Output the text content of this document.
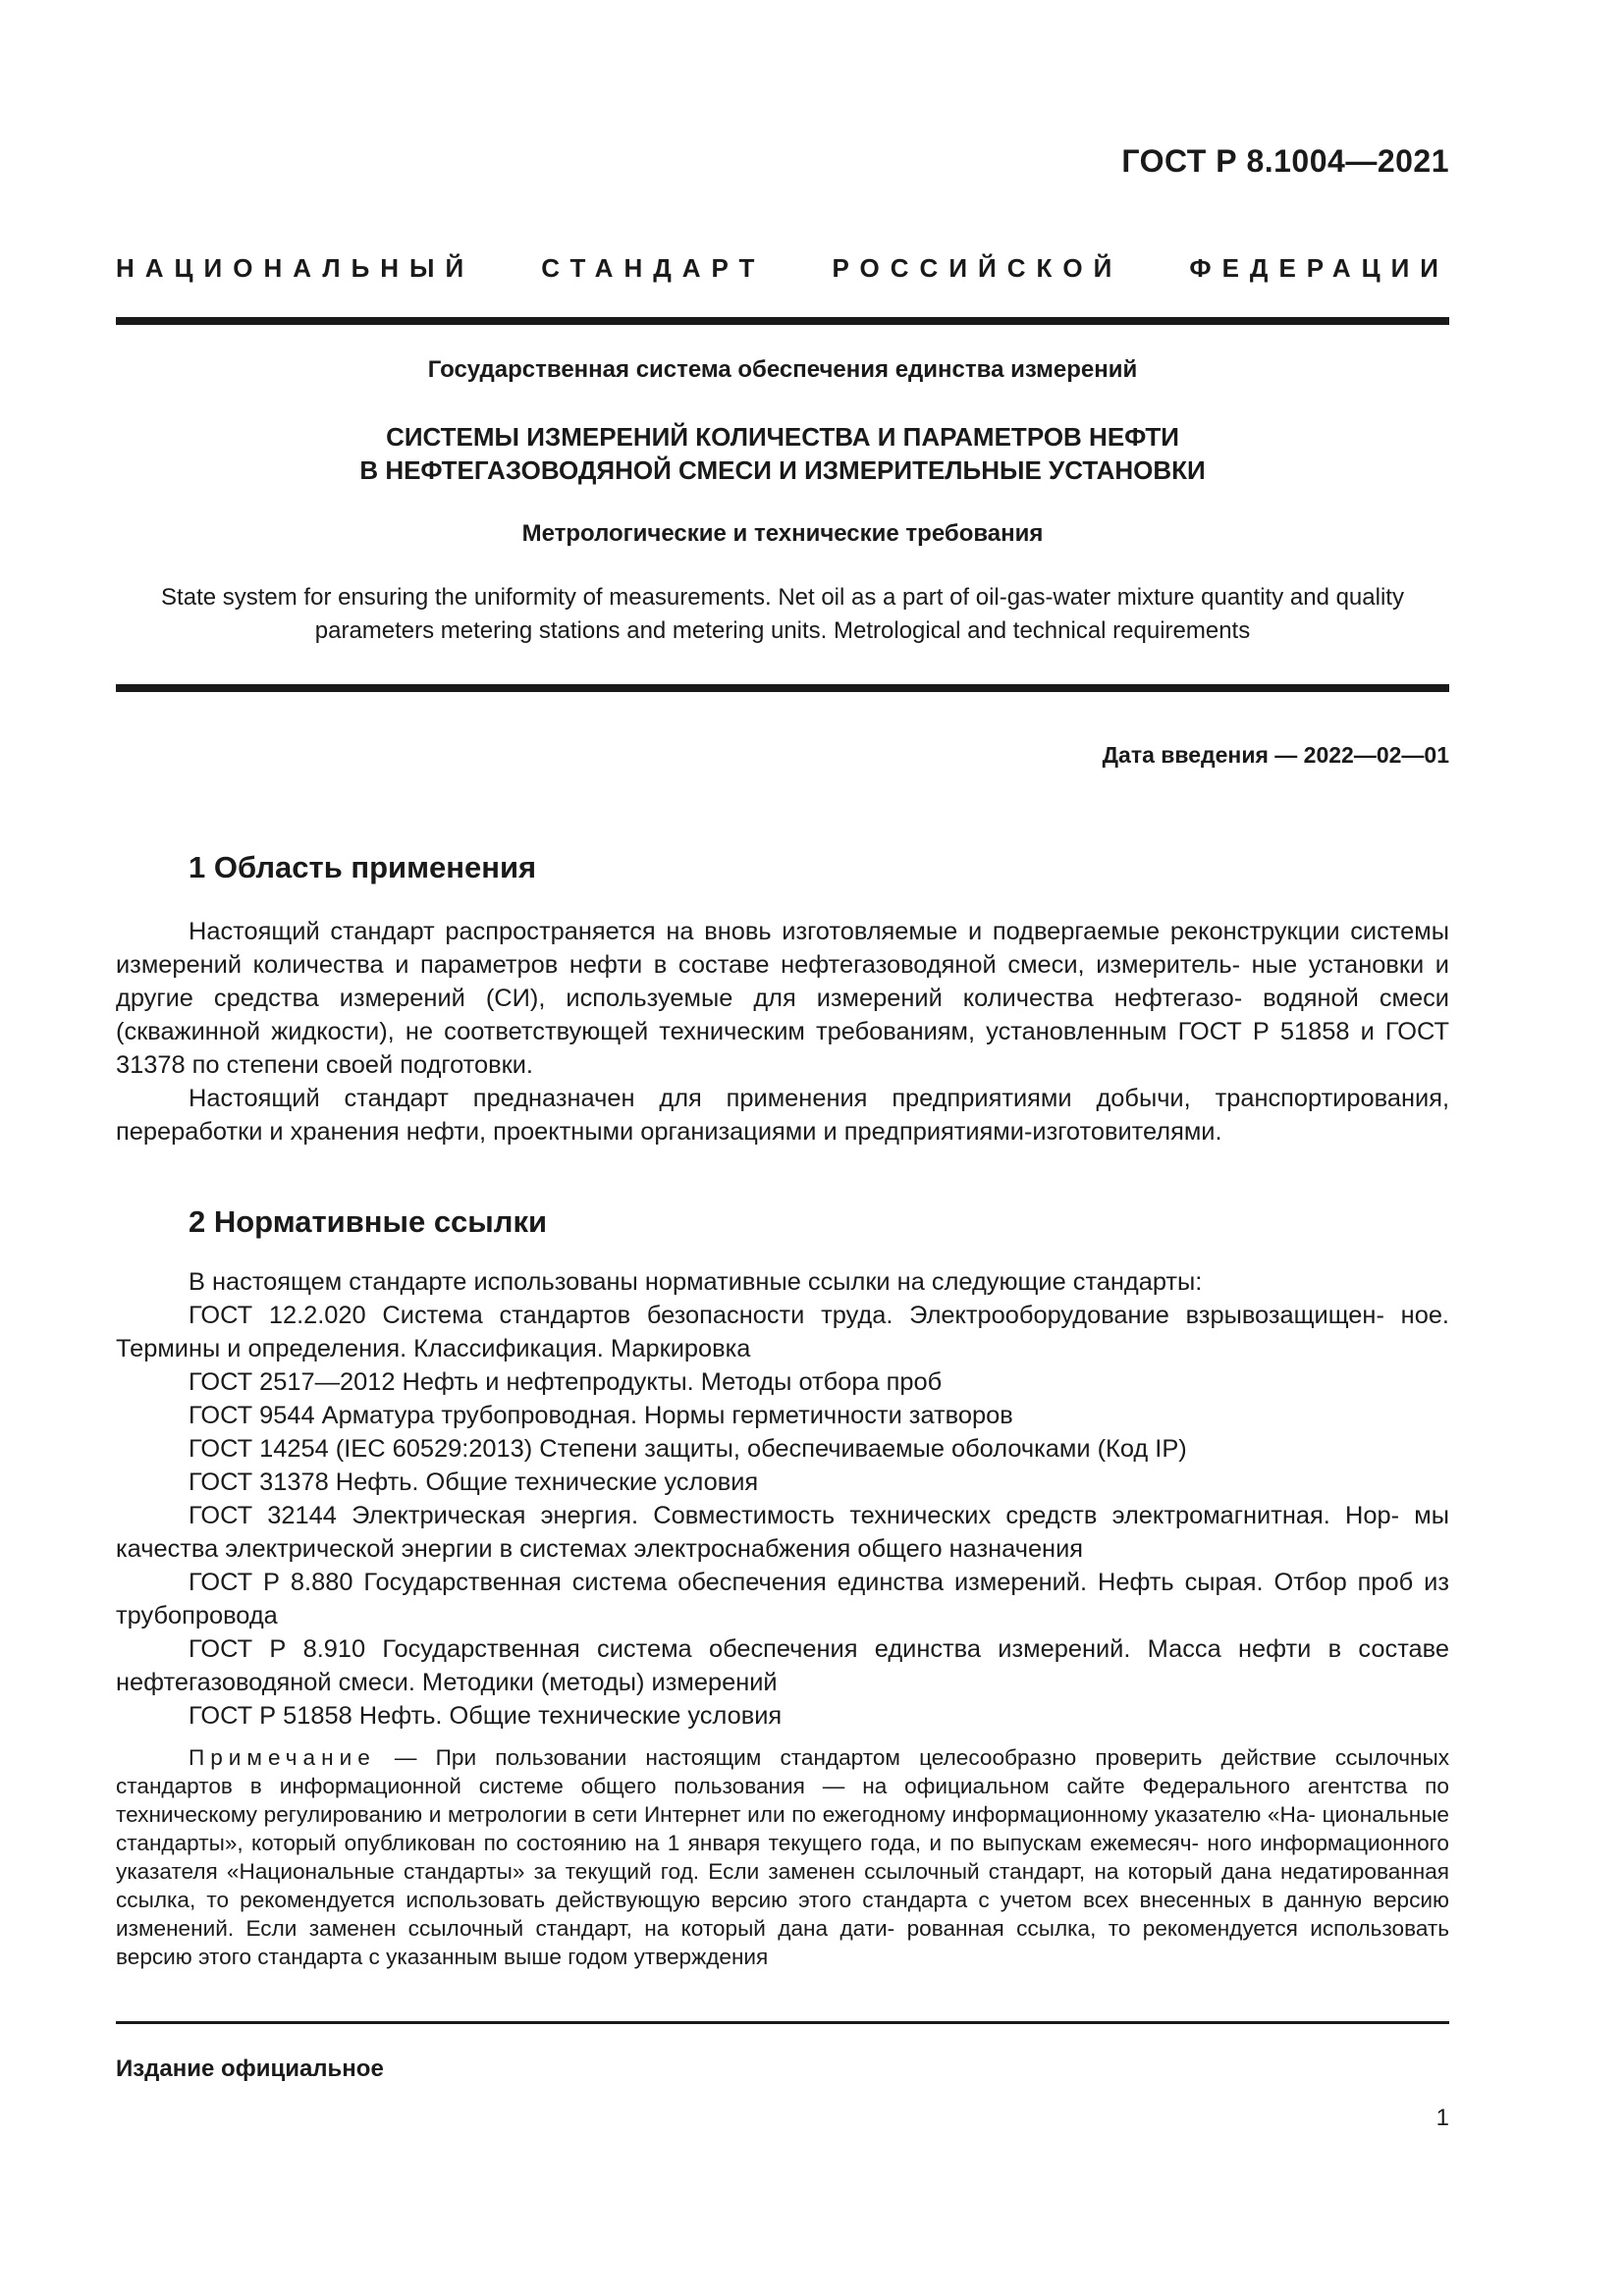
ГОСТ Р 8.1004—2021
НАЦИОНАЛЬНЫЙ СТАНДАРТ РОССИЙСКОЙ ФЕДЕРАЦИИ
Государственная система обеспечения единства измерений
СИСТЕМЫ ИЗМЕРЕНИЙ КОЛИЧЕСТВА И ПАРАМЕТРОВ НЕФТИ
В НЕФТЕГАЗОВОДЯНОЙ СМЕСИ И ИЗМЕРИТЕЛЬНЫЕ УСТАНОВКИ
Метрологические и технические требования
State system for ensuring the uniformity of measurements. Net oil as a part of oil-gas-water mixture quantity and quality
parameters metering stations and metering units. Metrological and technical requirements
Дата введения — 2022—02—01
1 Область применения

Настоящий стандарт распространяется на вновь изготовляемые и подвергаемые реконструкции системы измерений количества и параметров нефти в составе нефтегазоводяной смеси, измеритель- ные установки и другие средства измерений (СИ), используемые для измерений количества нефтегазо- водяной смеси (скважинной жидкости), не соответствующей техническим требованиям, установленным ГОСТ Р 51858 и ГОСТ 31378 по степени своей подготовки.

Настоящий стандарт предназначен для применения предприятиями добычи, транспортирования, переработки и хранения нефти, проектными организациями и предприятиями-изготовителями.

2 Нормативные ссылки
В настоящем стандарте использованы нормативные ссылки на следующие стандарты:

ГОСТ 12.2.020 Система стандартов безопасности труда. Электрооборудование взрывозащищен- ное. Термины и определения. Классификация. Маркировка

ГОСТ 2517—2012 Нефть и нефтепродукты. Методы отбора проб
ГОСТ 9544 Арматура трубопроводная. Нормы герметичности затворов
ГОСТ 14254 (IEC 60529:2013) Степени защиты, обеспечиваемые оболочками (Код IP)
ГОСТ 31378 Нефть. Общие технические условия

ГОСТ 32144 Электрическая энергия. Совместимость технических средств электромагнитная. Нор- мы качества электрической энергии в системах электроснабжения общего назначения

ГОСТ Р 8.880 Государственная система обеспечения единства измерений. Нефть сырая. Отбор проб из трубопровода

ГОСТ Р 8.910 Государственная система обеспечения единства измерений. Масса нефти в составе нефтегазоводяной смеси. Методики (методы) измерений

ГОСТ Р 51858 Нефть. Общие технические условия

Примечание — При пользовании настоящим стандартом целесообразно проверить действие ссылочных стандартов в информационной системе общего пользования — на официальном сайте Федерального агентства по техническому регулированию и метрологии в сети Интернет или по ежегодному информационному указателю «На- циональные стандарты», который опубликован по состоянию на 1 января текущего года, и по выпускам ежемесяч- ного информационного указателя «Национальные стандарты» за текущий год. Если заменен ссылочный стандарт, на который дана недатированная ссылка, то рекомендуется использовать действующую версию этого стандарта с учетом всех внесенных в данную версию изменений. Если заменен ссылочный стандарт, на который дана дати- рованная ссылка, то рекомендуется использовать версию этого стандарта с указанным выше годом утверждения

Издание официальное
1
